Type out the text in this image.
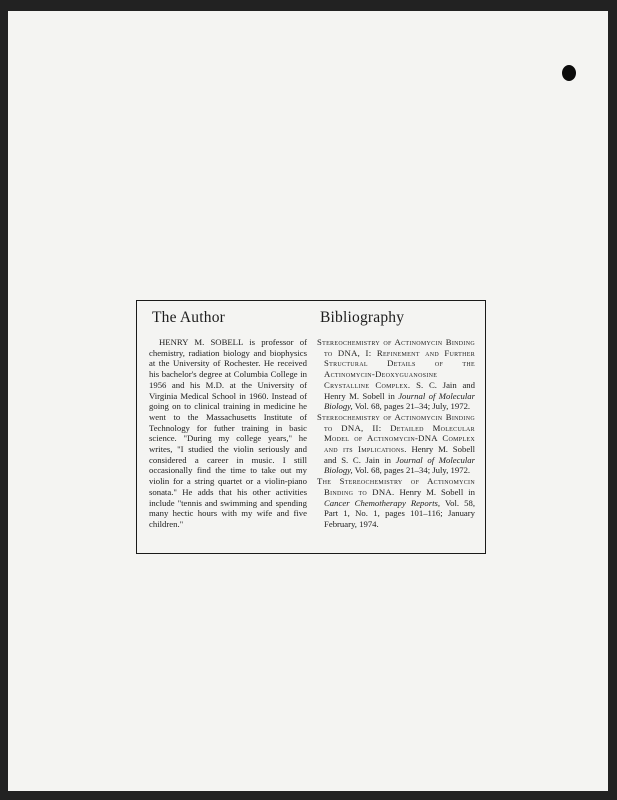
The Author

HENRY M. SOBELL is professor of chemistry, radiation biology and biophysics at the University of Rochester. He received his bachelor's degree at Columbia College in 1956 and his M.D. at the University of Virginia Medical School in 1960. Instead of going on to clinical training in medicine he went to the Massachusetts Institute of Technology for futher training in basic science. "During my college years," he writes, "I studied the violin seriously and considered a career in music. I still occasionally find the time to take out my violin for a string quartet or a violin-piano sonata." He adds that his other activities include "tennis and swimming and spending many hectic hours with my wife and five children."

Bibliography

Stereochemistry of Actinomycin Binding to DNA, I: Refinement and Further Structural Details of the Actinomycin-Deoxyguanosine Crystalline Complex. S. C. Jain and Henry M. Sobell in Journal of Molecular Biology, Vol. 68, pages 21–34; July, 1972.

Stereochemistry of Actinomycin Binding to DNA, II: Detailed Molecular Model of Actinomycin-DNA Complex and its Implications. Henry M. Sobell and S. C. Jain in Journal of Molecular Biology, Vol. 68, pages 21–34; July, 1972.

The Stereochemistry of Actinomycin Binding to DNA. Henry M. Sobell in Cancer Chemotherapy Reports, Vol. 58, Part 1, No. 1, pages 101–116; January February, 1974.
